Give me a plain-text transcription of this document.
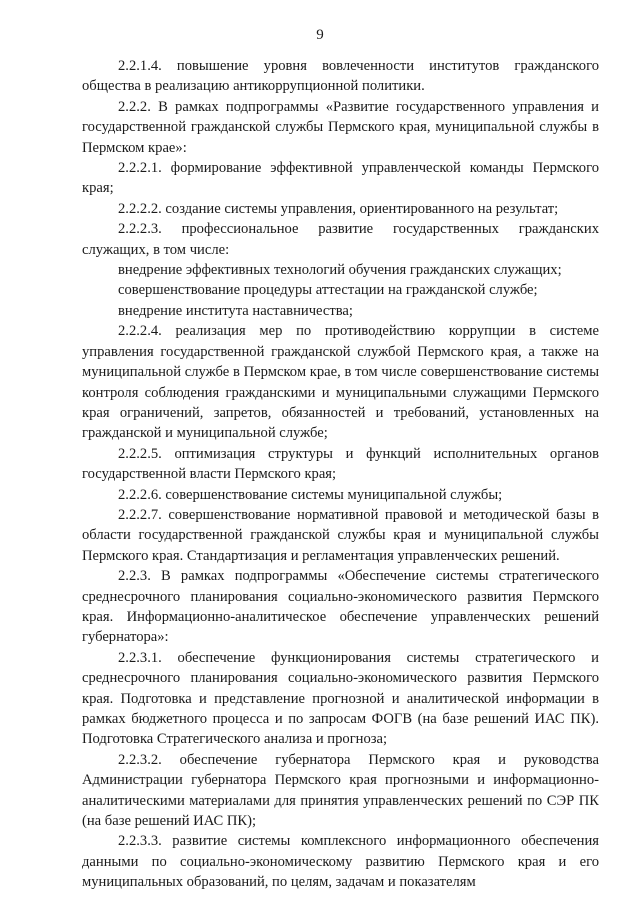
9

2.2.1.4. повышение уровня вовлеченности институтов гражданского общества в реализацию антикоррупционной политики.

2.2.2. В рамках подпрограммы «Развитие государственного управления и государственной гражданской службы Пермского края, муниципальной службы в Пермском крае»:

2.2.2.1. формирование эффективной управленческой команды Пермского края;

2.2.2.2. создание системы управления, ориентированного на результат;

2.2.2.3. профессиональное развитие государственных гражданских служащих, в том числе:

внедрение эффективных технологий обучения гражданских служащих;

совершенствование процедуры аттестации на гражданской службе;

внедрение института наставничества;

2.2.2.4. реализация мер по противодействию коррупции в системе управления государственной гражданской службой Пермского края, а также на муниципальной службе в Пермском крае, в том числе совершенствование системы контроля соблюдения гражданскими и муниципальными служащими Пермского края ограничений, запретов, обязанностей и требований, установленных на гражданской и муниципальной службе;

2.2.2.5. оптимизация структуры и функций исполнительных органов государственной власти Пермского края;

2.2.2.6. совершенствование системы муниципальной службы;

2.2.2.7. совершенствование нормативной правовой и методической базы в области государственной гражданской службы края и муниципальной службы Пермского края. Стандартизация и регламентация управленческих решений.

2.2.3. В рамках подпрограммы «Обеспечение системы стратегического среднесрочного планирования социально-экономического развития Пермского края. Информационно-аналитическое обеспечение управленческих решений губернатора»:

2.2.3.1. обеспечение функционирования системы стратегического и среднесрочного планирования социально-экономического развития Пермского края. Подготовка и представление прогнозной и аналитической информации в рамках бюджетного процесса и по запросам ФОГВ (на базе решений ИАС ПК). Подготовка Стратегического анализа и прогноза;

2.2.3.2. обеспечение губернатора Пермского края и руководства Администрации губернатора Пермского края прогнозными и информационно-аналитическими материалами для принятия управленческих решений по СЭР ПК (на базе решений ИАС ПК);

2.2.3.3. развитие системы комплексного информационного обеспечения данными по социально-экономическому развитию Пермского края и его муниципальных образований, по целям, задачам и показателям
